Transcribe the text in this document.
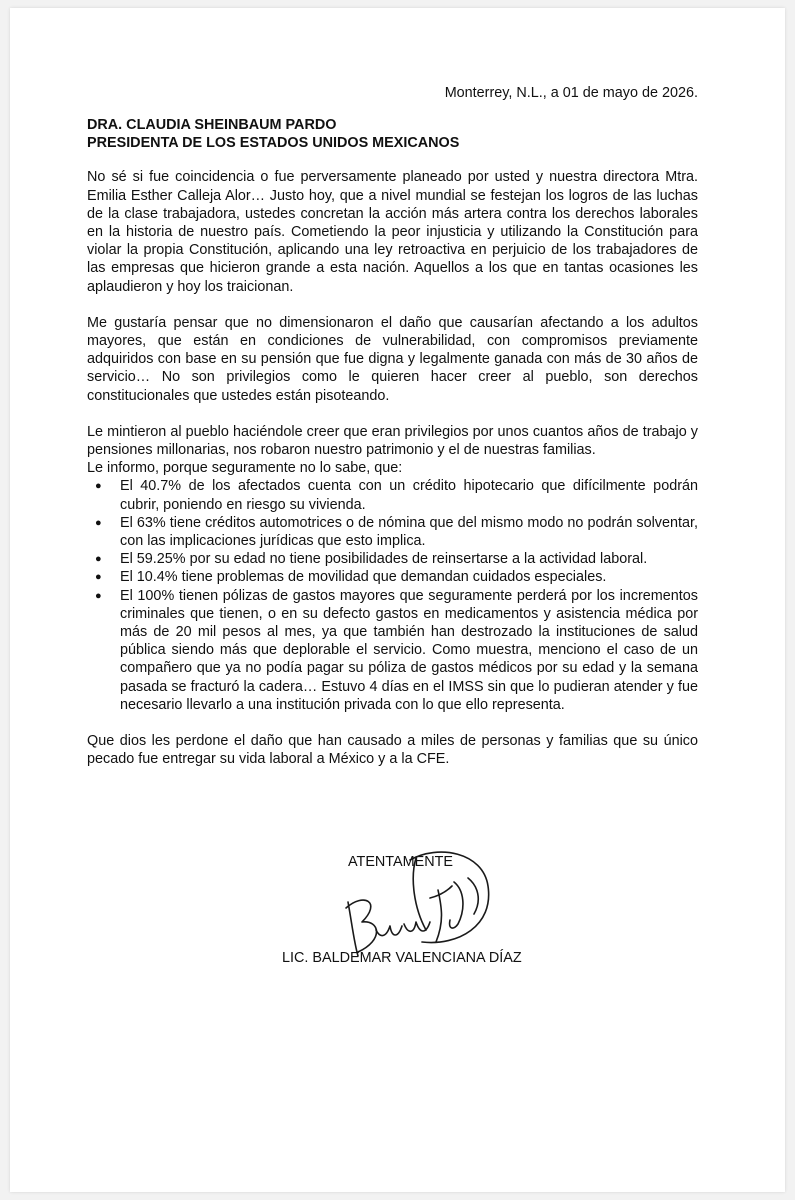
Monterrey, N.L., a 01 de mayo de 2026.
DRA. CLAUDIA SHEINBAUM PARDO
PRESIDENTA DE LOS ESTADOS UNIDOS MEXICANOS

No sé si fue coincidencia o fue perversamente planeado por usted y nuestra directora Mtra. Emilia Esther Calleja Alor… Justo hoy, que a nivel mundial se festejan los logros de las luchas de la clase trabajadora, ustedes concretan la acción más artera contra los derechos laborales en la historia de nuestro país. Cometiendo la peor injusticia y utilizando la Constitución para violar la propia Constitución, aplicando una ley retroactiva en perjuicio de los trabajadores de las empresas que hicieron grande a esta nación. Aquellos a los que en tantas ocasiones les aplaudieron y hoy los traicionan.

Me gustaría pensar que no dimensionaron el daño que causarían afectando a los adultos mayores, que están en condiciones de vulnerabilidad, con compromisos previamente adquiridos con base en su pensión que fue digna y legalmente ganada con más de 30 años de servicio… No son privilegios como le quieren hacer creer al pueblo, son derechos constitucionales que ustedes están pisoteando.

Le mintieron al pueblo haciéndole creer que eran privilegios por unos cuantos años de trabajo y pensiones millonarias, nos robaron nuestro patrimonio y el de nuestras familias.

Le informo, porque seguramente no lo sabe, que:

● El 40.7% de los afectados cuenta con un crédito hipotecario que difícilmente podrán cubrir, poniendo en riesgo su vivienda.
● El 63% tiene créditos automotrices o de nómina que del mismo modo no podrán solventar, con las implicaciones jurídicas que esto implica.
● El 59.25% por su edad no tiene posibilidades de reinsertarse a la actividad laboral.
● El 10.4% tiene problemas de movilidad que demandan cuidados especiales.
● El 100% tienen pólizas de gastos mayores que seguramente perderá por los incrementos criminales que tienen, o en su defecto gastos en medicamentos y asistencia médica por más de 20 mil pesos al mes, ya que también han destrozado la instituciones de salud pública siendo más que deplorable el servicio. Como muestra, menciono el caso de un compañero que ya no podía pagar su póliza de gastos médicos por su edad y la semana pasada se fracturó la cadera… Estuvo 4 días en el IMSS sin que lo pudieran atender y fue necesario llevarlo a una institución privada con lo que ello representa.

Que dios les perdone el daño que han causado a miles de personas y familias que su único pecado fue entregar su vida laboral a México y a la CFE.

ATENTAMENTE
LIC. BALDEMAR VALENCIANA DÍAZ
